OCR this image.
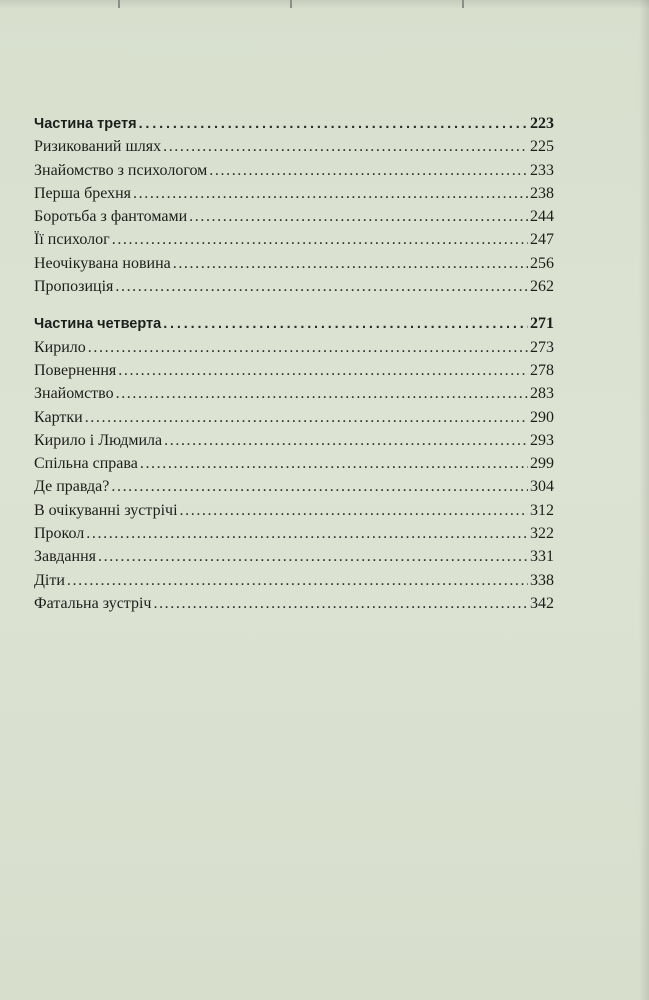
Частина третя . . .	223
Ризикований шлях . . .	225
Знайомство з психологом . . .	233
Перша брехня . . .	238
Боротьба з фантомами . . .	244
Її психолог . . .	247
Неочікувана новина . . .	256
Пропозиція . . .	262
Частина четверта . . .	271
Кирило . . .	273
Повернення . . .	278
Знайомство . . .	283
Картки . . .	290
Кирило і Людмила . . .	293
Спільна справа . . .	299
Де правда? . . .	304
В очікуванні зустрічі . . .	312
Прокол . . .	322
Завдання . . .	331
Діти . . .	338
Фатальна зустріч . . .	342
